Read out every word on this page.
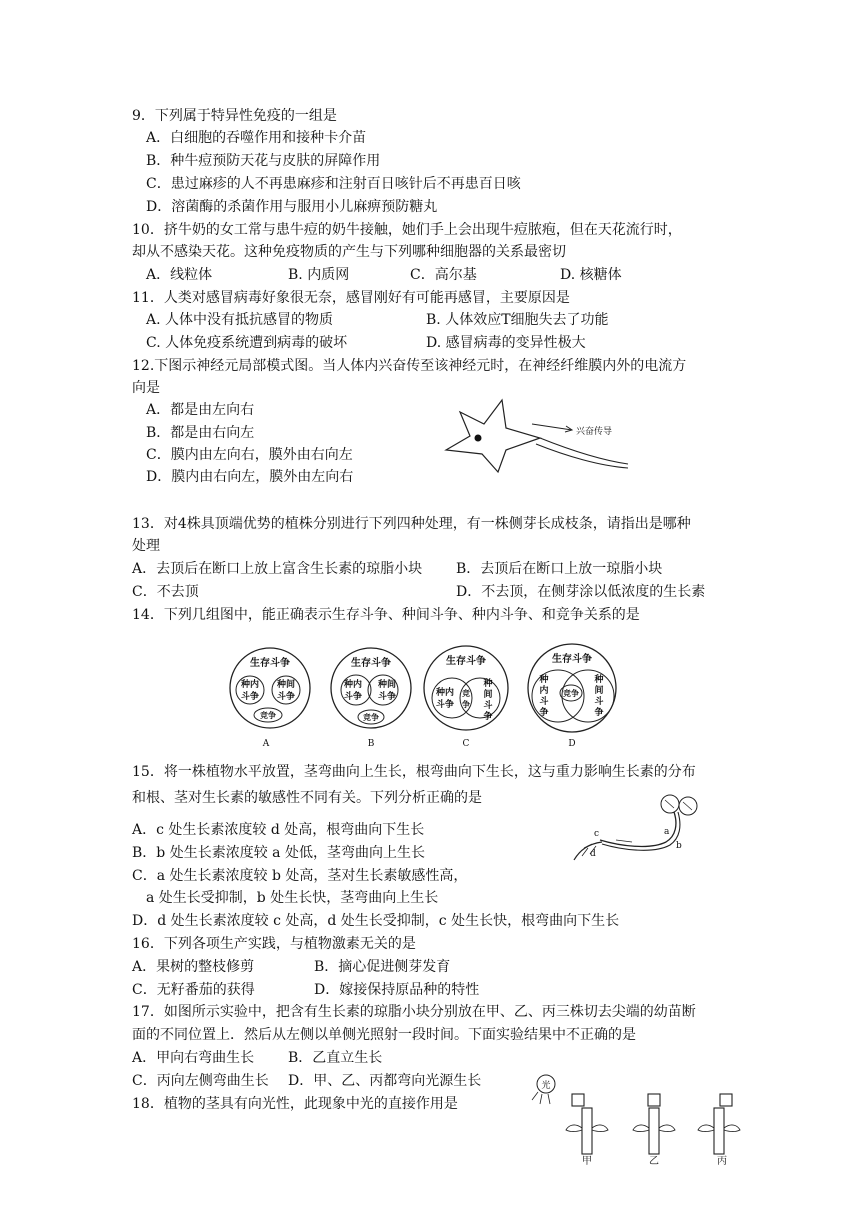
9．下列属于特异性免疫的一组是
A．白细胞的吞噬作用和接种卡介苗
B．种牛痘预防天花与皮肤的屏障作用
C．患过麻疹的人不再患麻疹和注射百日咳针后不再患百日咳
D．溶菌酶的杀菌作用与服用小儿麻痹预防糖丸
10．挤牛奶的女工常与患牛痘的奶牛接触，她们手上会出现牛痘脓疱，但在天花流行时，
却从不感染天花。这种免疫物质的产生与下列哪种细胞器的关系最密切
A．线粒体	B. 内质网	C．高尔基	D. 核糖体
11．人类对感冒病毒好象很无奈，感冒刚好有可能再感冒，主要原因是
A. 人体中没有抵抗感冒的物质	B. 人体效应T细胞失去了功能
C. 人体免疫系统遭到病毒的破坏	D. 感冒病毒的变异性极大
12.下图示神经元局部模式图。当人体内兴奋传至该神经元时，在神经纤维膜内外的电流方
向是
A．都是由左向右
B．都是由右向左
C．膜内由左向右，膜外由右向左
D．膜内由右向左，膜外由左向右
兴奋传导
13．对4株具顶端优势的植株分别进行下列四种处理，有一株侧芽长成枝条，请指出是哪种
处理
A．去顶后在断口上放上富含生长素的琼脂小块 B．去顶后在断口上放一琼脂小块
C．不去顶	D．不去顶，在侧芽涂以低浓度的生长素
14．下列几组图中，能正确表示生存斗争、种间斗争、种内斗争、和竞争关系的是
生存斗争
种内
斗争
种间
斗争
竞争
A
生存斗争
种内
斗争
种间
斗争
竞争
B
生存斗争
种内
斗争
竞
争
种
间
斗
争
C
生存斗争
种
内
斗
争
种
间
斗
争
竞争
D
15．将一株植物水平放置，茎弯曲向上生长，根弯曲向下生长，这与重力影响生长素的分布
和根、茎对生长素的敏感性不同有关。下列分析正确的是
A．c 处生长素浓度较 d 处高，根弯曲向下生长
B．b 处生长素浓度较 a 处低，茎弯曲向上生长
C．a 处生长素浓度较 b 处高，茎对生长素敏感性高，
a 处生长受抑制，b 处生长快，茎弯曲向上生长
D．d 处生长素浓度较 c 处高，d 处生长受抑制，c 处生长快，根弯曲向下生长
c
d
a
b
16．下列各项生产实践，与植物激素无关的是
A．果树的整枝修剪	B．摘心促进侧芽发育
C．无籽番茄的获得	D．嫁接保持原品种的特性
17．如图所示实验中，把含有生长素的琼脂小块分别放在甲、乙、丙三株切去尖端的幼苗断
面的不同位置上．然后从左侧以单侧光照射一段时间。下面实验结果中不正确的是
A．甲向右弯曲生长 B．乙直立生长
C．丙向左侧弯曲生长 D．甲、乙、丙都弯向光源生长
18．植物的茎具有向光性，此现象中光的直接作用是
光
甲	乙	丙
